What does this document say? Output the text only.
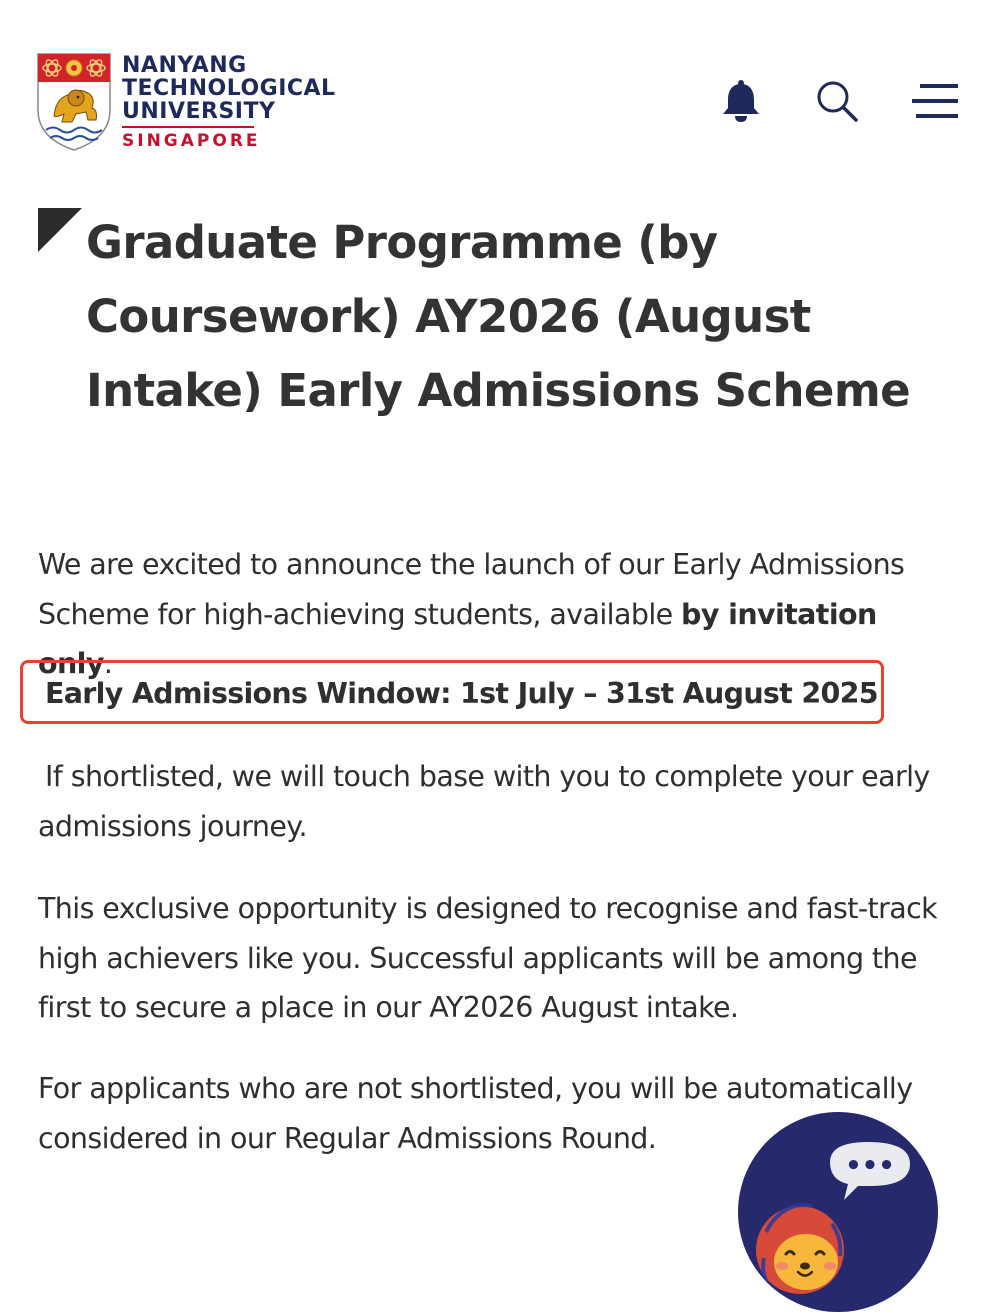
NANYANG
TECHNOLOGICAL
UNIVERSITY
SINGAPORE
Graduate Programme (by Coursework) AY2026 (August Intake) Early Admissions Scheme

We are excited to announce the launch of our Early Admissions Scheme for high-achieving students, available by invitation only.

Early Admissions Window: 1st July – 31st August 2025

If shortlisted, we will touch base with you to complete your early admissions journey.

This exclusive opportunity is designed to recognise and fast-track high achievers like you. Successful applicants will be among the first to secure a place in our AY2026 August intake.

For applicants who are not shortlisted, you will be automatically considered in our Regular Admissions Round.

•••
